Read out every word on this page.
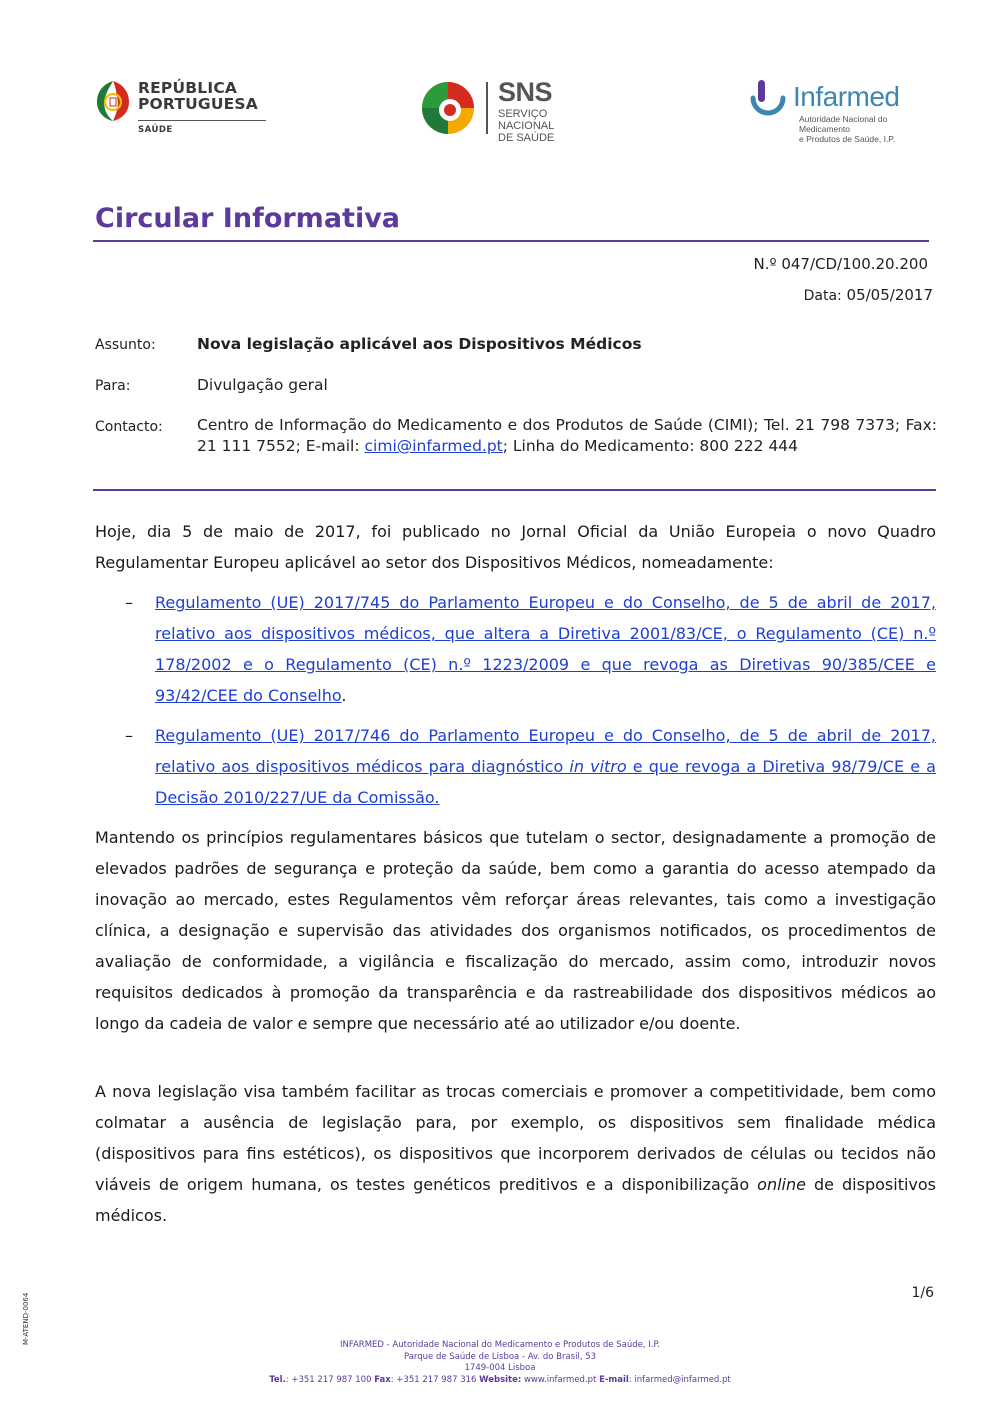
REPÚBLICA
PORTUGUESA
SAÚDE
SNS
SERVIÇO NACIONAL
DE SAÚDE
Infarmed
Autoridade Nacional do Medicamento
e Produtos de Saúde, I.P.
Circular Informativa
N.º 047/CD/100.20.200
Data: 05/05/2017
Assunto:	Nova legislação aplicável aos Dispositivos Médicos
Para:	Divulgação geral
Contacto: Centro de Informação do Medicamento e dos Produtos de Saúde (CIMI); Tel. 21 798 7373; Fax: 21 111 7552; E-mail: cimi@infarmed.pt; Linha do Medicamento: 800 222 444
Hoje, dia 5 de maio de 2017, foi publicado no Jornal Oficial da União Europeia o novo Quadro Regulamentar Europeu aplicável ao setor dos Dispositivos Médicos, nomeadamente:
– Regulamento (UE) 2017/745 do Parlamento Europeu e do Conselho, de 5 de abril de 2017, relativo aos dispositivos médicos, que altera a Diretiva 2001/83/CE, o Regulamento (CE) n.º 178/2002 e o Regulamento (CE) n.º 1223/2009 e que revoga as Diretivas 90/385/CEE e 93/42/CEE do Conselho.
– Regulamento (UE) 2017/746 do Parlamento Europeu e do Conselho, de 5 de abril de 2017, relativo aos dispositivos médicos para diagnóstico in vitro e que revoga a Diretiva 98/79/CE e a Decisão 2010/227/UE da Comissão.
Mantendo os princípios regulamentares básicos que tutelam o sector, designadamente a promoção de elevados padrões de segurança e proteção da saúde, bem como a garantia do acesso atempado da inovação ao mercado, estes Regulamentos vêm reforçar áreas relevantes, tais como a investigação clínica, a designação e supervisão das atividades dos organismos notificados, os procedimentos de avaliação de conformidade, a vigilância e fiscalização do mercado, assim como, introduzir novos requisitos dedicados à promoção da transparência e da rastreabilidade dos dispositivos médicos ao longo da cadeia de valor e sempre que necessário até ao utilizador e/ou doente.
A nova legislação visa também facilitar as trocas comerciais e promover a competitividade, bem como colmatar a ausência de legislação para, por exemplo, os dispositivos sem finalidade médica (dispositivos para fins estéticos), os dispositivos que incorporem derivados de células ou tecidos não viáveis de origem humana, os testes genéticos preditivos e a disponibilização online de dispositivos médicos.
1/6
M-ATEND-0064	INFARMED - Autoridade Nacional do Medicamento e Produtos de Saúde, I.P.
Parque de Saúde de Lisboa - Av. do Brasil, 53
1749-004 Lisboa
Tel.: +351 217 987 100 Fax: +351 217 987 316 Website: www.infarmed.pt E-mail: infarmed@infarmed.pt
